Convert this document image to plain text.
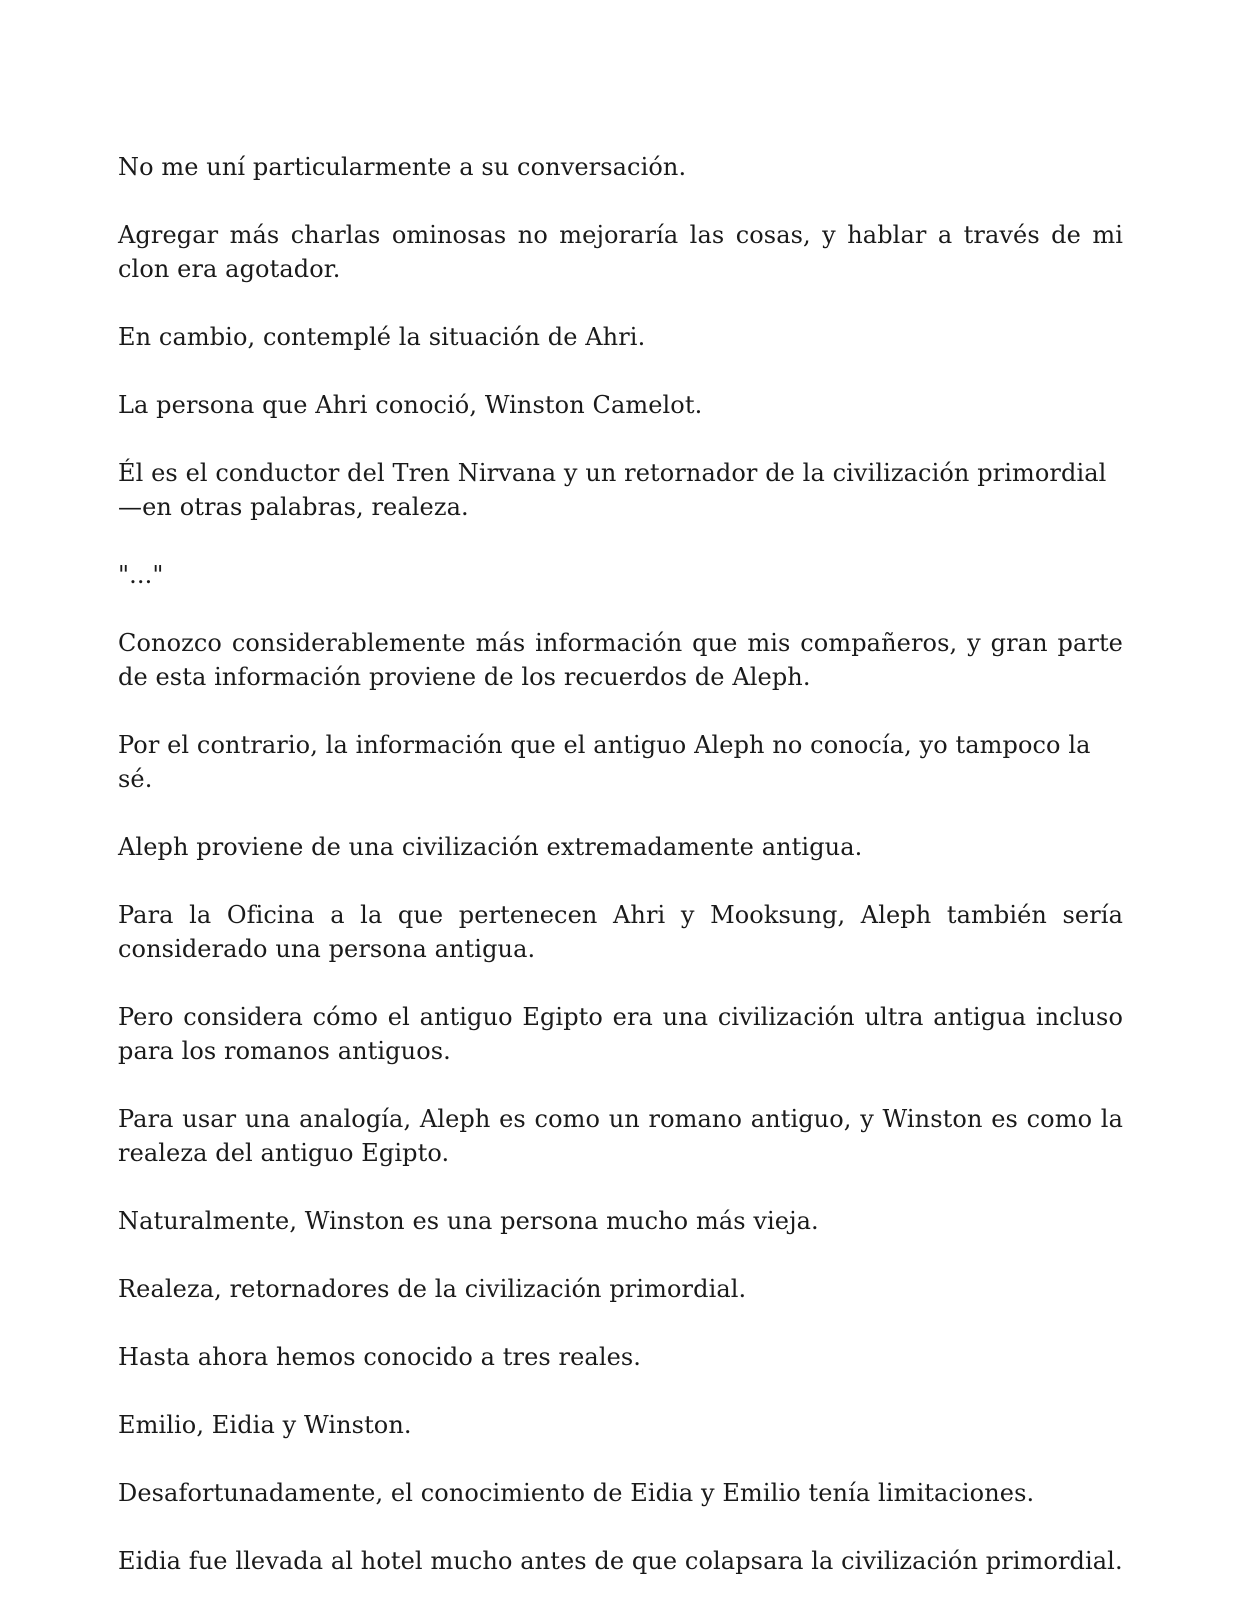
No me uní particularmente a su conversación.

Agregar más charlas ominosas no mejoraría las cosas, y hablar a través de mi clon era agotador.

En cambio, contemplé la situación de Ahri.

La persona que Ahri conoció, Winston Camelot.

Él es el conductor del Tren Nirvana y un retornador de la civilización primordial—en otras palabras, realeza.

"..."

Conozco considerablemente más información que mis compañeros, y gran parte de esta información proviene de los recuerdos de Aleph.

Por el contrario, la información que el antiguo Aleph no conocía, yo tampoco la sé.

Aleph proviene de una civilización extremadamente antigua.

Para la Oficina a la que pertenecen Ahri y Mooksung, Aleph también sería considerado una persona antigua.

Pero considera cómo el antiguo Egipto era una civilización ultra antigua incluso para los romanos antiguos.

Para usar una analogía, Aleph es como un romano antiguo, y Winston es como la realeza del antiguo Egipto.

Naturalmente, Winston es una persona mucho más vieja.

Realeza, retornadores de la civilización primordial.

Hasta ahora hemos conocido a tres reales.

Emilio, Eidia y Winston.

Desafortunadamente, el conocimiento de Eidia y Emilio tenía limitaciones.

Eidia fue llevada al hotel mucho antes de que colapsara la civilización primordial.
